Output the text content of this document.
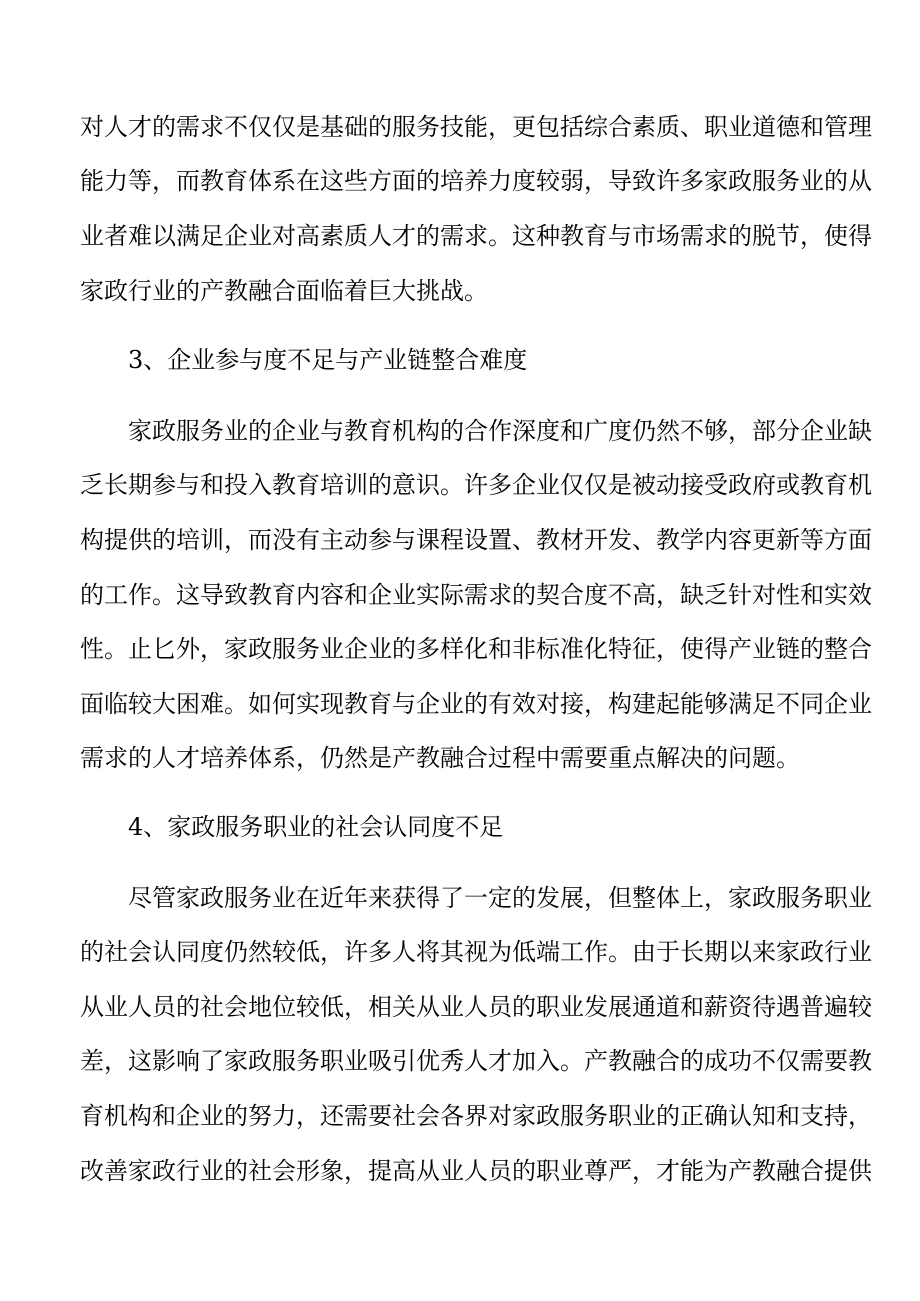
对人才的需求不仅仅是基础的服务技能，更包括综合素质、职业道德和管理
能力等，而教育体系在这些方面的培养力度较弱，导致许多家政服务业的从
业者难以满足企业对高素质人才的需求。这种教育与市场需求的脱节，使得
家政行业的产教融合面临着巨大挑战。
3、企业参与度不足与产业链整合难度
家政服务业的企业与教育机构的合作深度和广度仍然不够，部分企业缺
乏长期参与和投入教育培训的意识。许多企业仅仅是被动接受政府或教育机
构提供的培训，而没有主动参与课程设置、教材开发、教学内容更新等方面
的工作。这导致教育内容和企业实际需求的契合度不高，缺乏针对性和实效
性。止匕外，家政服务业企业的多样化和非标准化特征，使得产业链的整合
面临较大困难。如何实现教育与企业的有效对接，构建起能够满足不同企业
需求的人才培养体系，仍然是产教融合过程中需要重点解决的问题。
4、家政服务职业的社会认同度不足
尽管家政服务业在近年来获得了一定的发展，但整体上，家政服务职业
的社会认同度仍然较低，许多人将其视为低端工作。由于长期以来家政行业
从业人员的社会地位较低，相关从业人员的职业发展通道和薪资待遇普遍较
差，这影响了家政服务职业吸引优秀人才加入。产教融合的成功不仅需要教
育机构和企业的努力，还需要社会各界对家政服务职业的正确认知和支持，
改善家政行业的社会形象，提高从业人员的职业尊严，才能为产教融合提供
